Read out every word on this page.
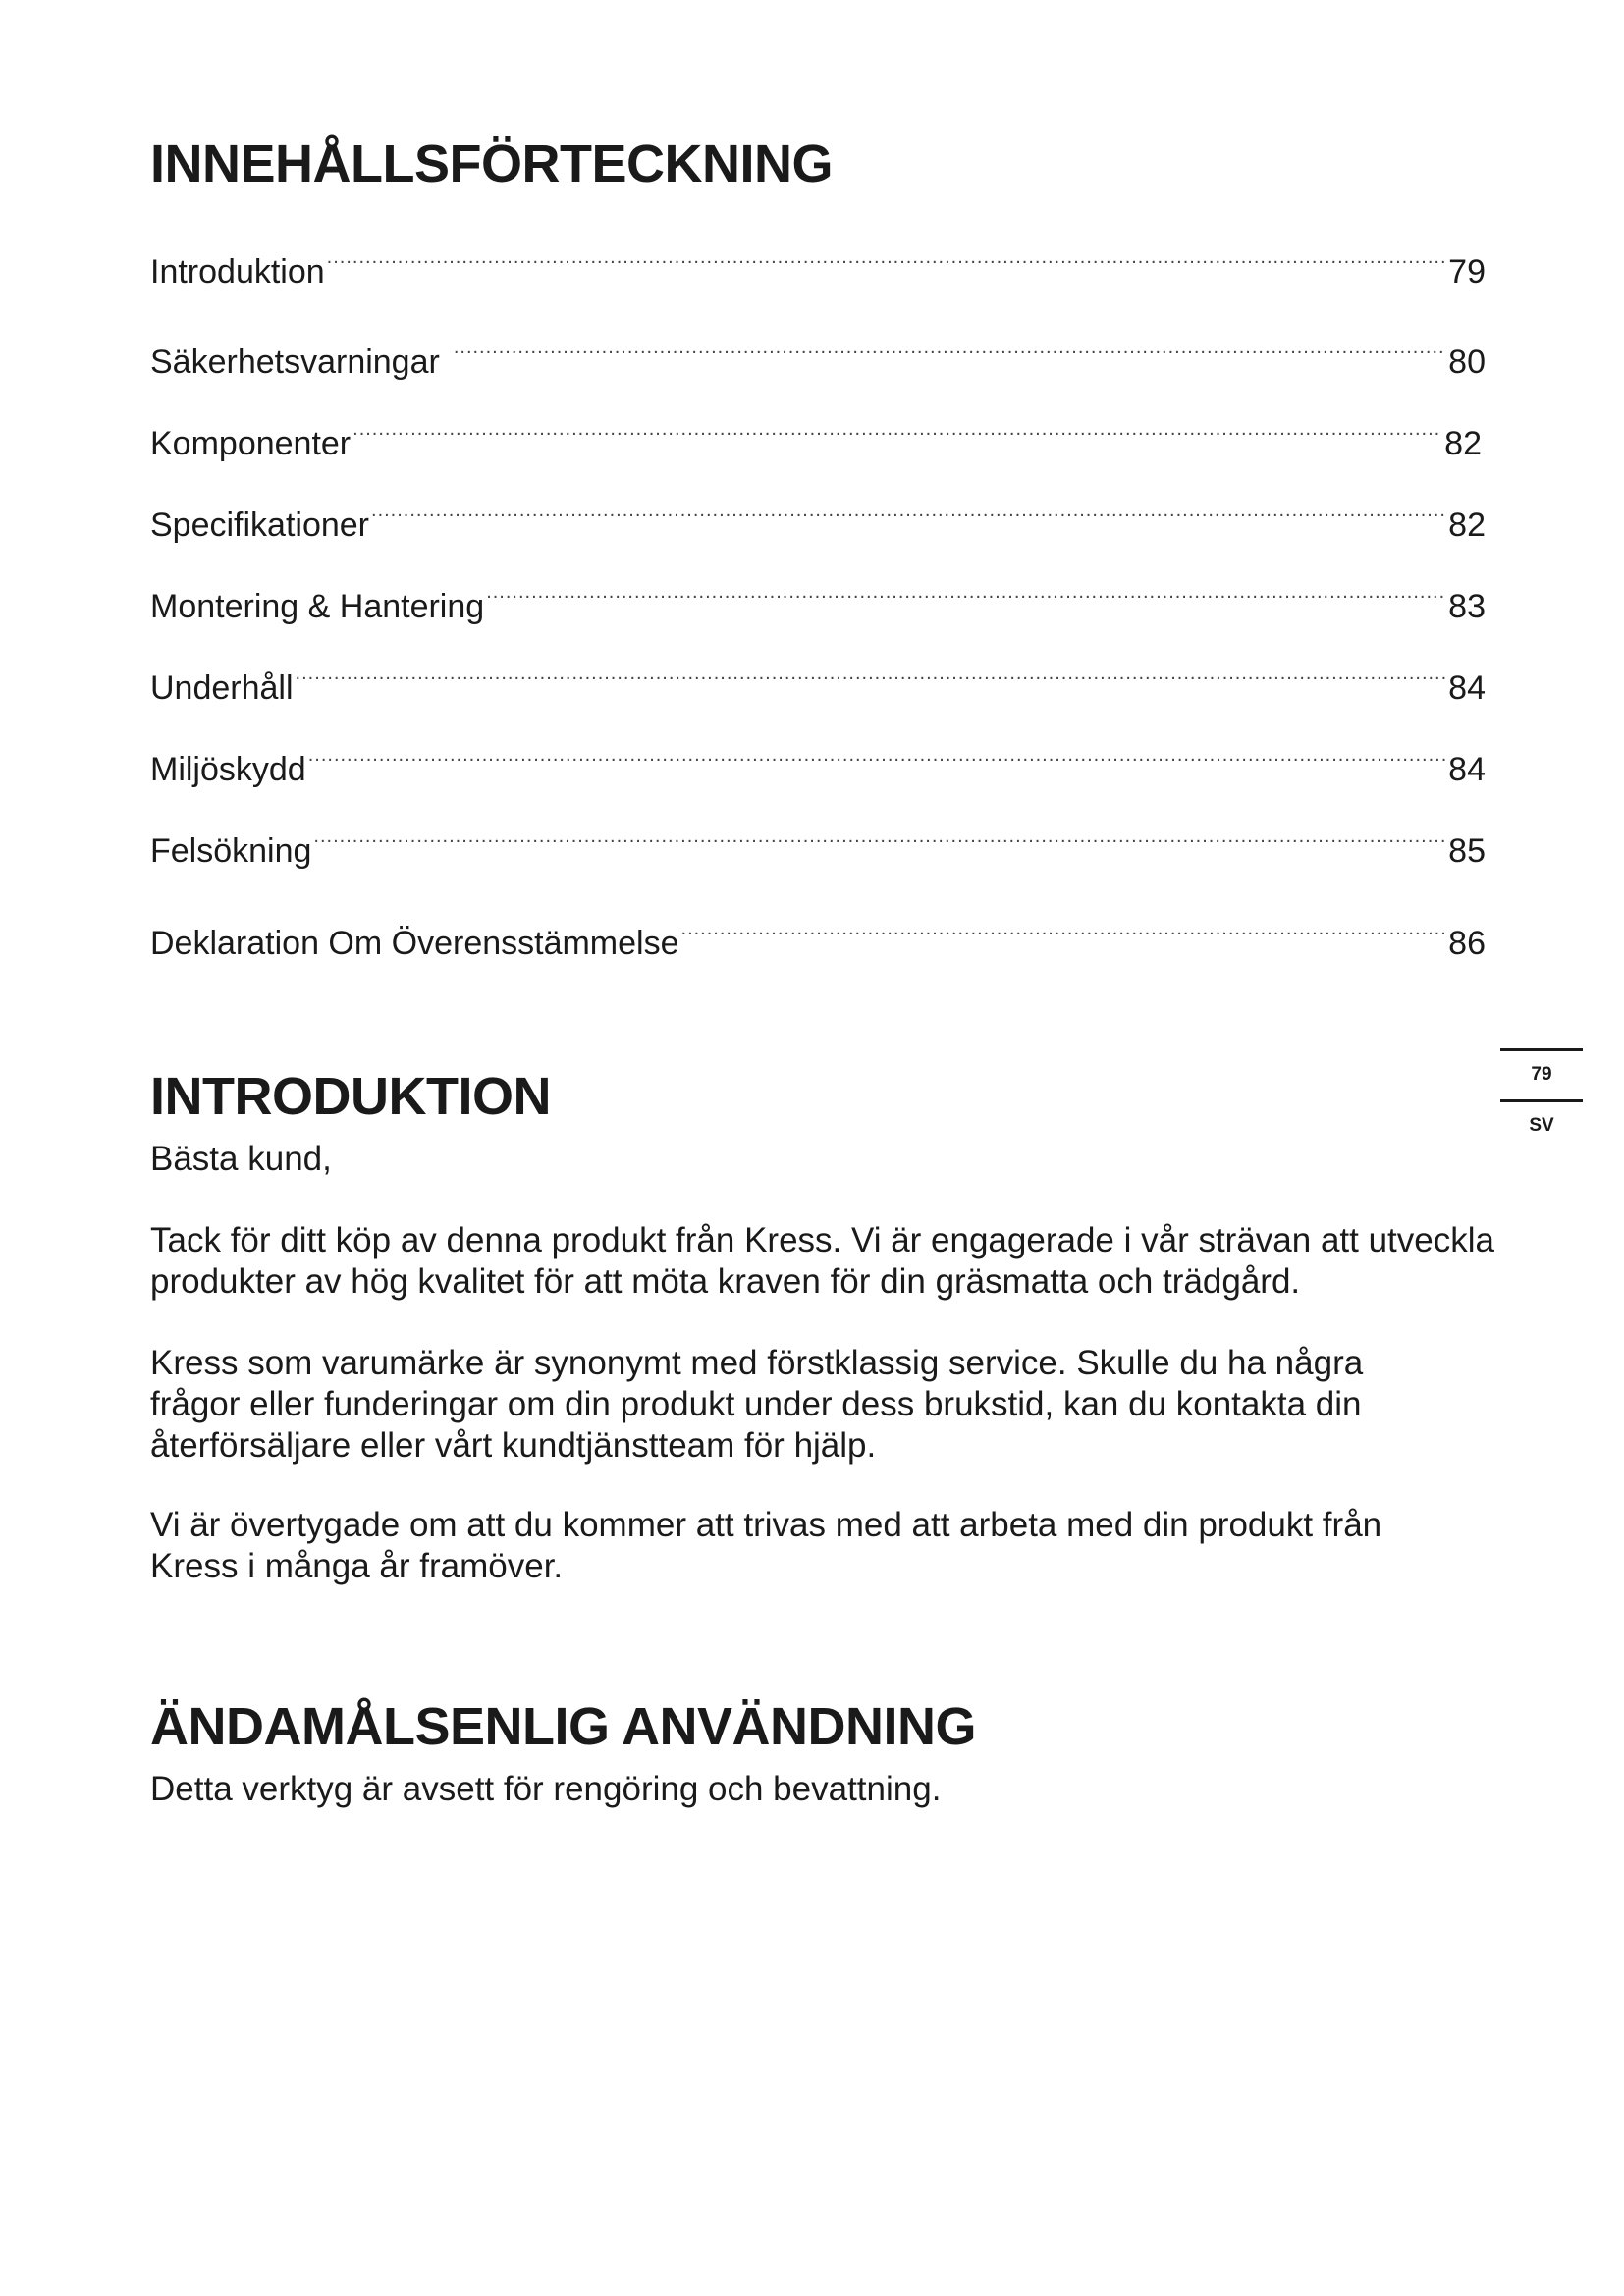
INNEHÅLLSFÖRTECKNING
Introduktion .....	79
Säkerhetsvarningar .....	80
Komponenter .....	82
Specifikationer .....	82
Montering & Hantering .....	83
Underhåll .....	84
Miljöskydd .....	84
Felsökning .....	85
Deklaration Om Överensstämmelse .....	86
79
SV
INTRODUKTION

Bästa kund,

Tack för ditt köp av denna produkt från Kress. Vi är engagerade i vår strävan att utveckla produkter av hög kvalitet för att möta kraven för din gräsmatta och trädgård.

Kress som varumärke är synonymt med förstklassig service. Skulle du ha några frågor eller funderingar om din produkt under dess brukstid, kan du kontakta din återförsäljare eller vårt kundtjänstteam för hjälp.

Vi är övertygade om att du kommer att trivas med att arbeta med din produkt från Kress i många år framöver.

ÄNDAMÅLSENLIG ANVÄNDNING

Detta verktyg är avsett för rengöring och bevattning.
